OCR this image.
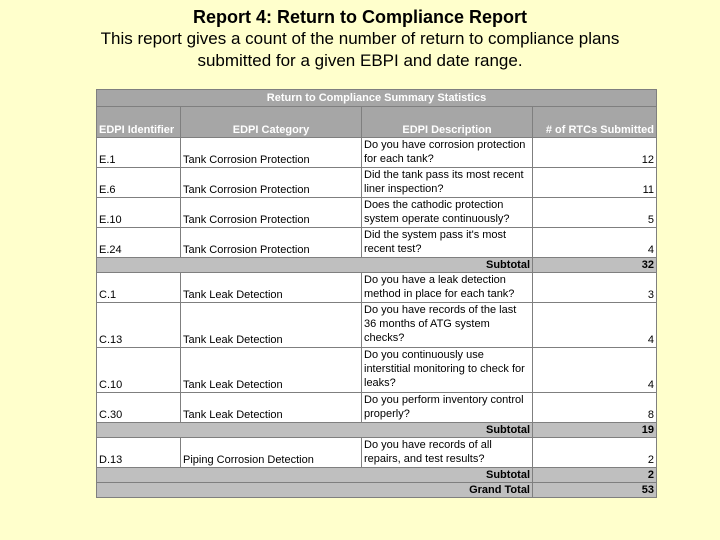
Report 4: Return to Compliance Report
This report gives a count of the number of return to compliance plans
submitted for a given EBPI and date range.
Return to Compliance Summary Statistics			
EDPI Identifier	EDPI Category	EDPI Description	# of RTCs Submitted
E.1	Tank Corrosion Protection	Do you have corrosion protection for each tank?	12
E.6	Tank Corrosion Protection	Did the tank pass its most recent liner inspection?	11
E.10	Tank Corrosion Protection	Does the cathodic protection system operate continuously?	5
E.24	Tank Corrosion Protection	Did the system pass it's most recent test?	4
Subtotal			32
C.1	Tank Leak Detection	Do you have a leak detection method in place for each tank?	3
C.13	Tank Leak Detection	Do you have records of the last 36 months of ATG system checks?	4
C.10	Tank Leak Detection	Do you continuously use interstitial monitoring to check for leaks?	4
C.30	Tank Leak Detection	Do you perform inventory control properly?	8
Subtotal			19
D.13	Piping Corrosion Detection	Do you have records of all repairs, and test results?	2
Subtotal			2
Grand Total			53
